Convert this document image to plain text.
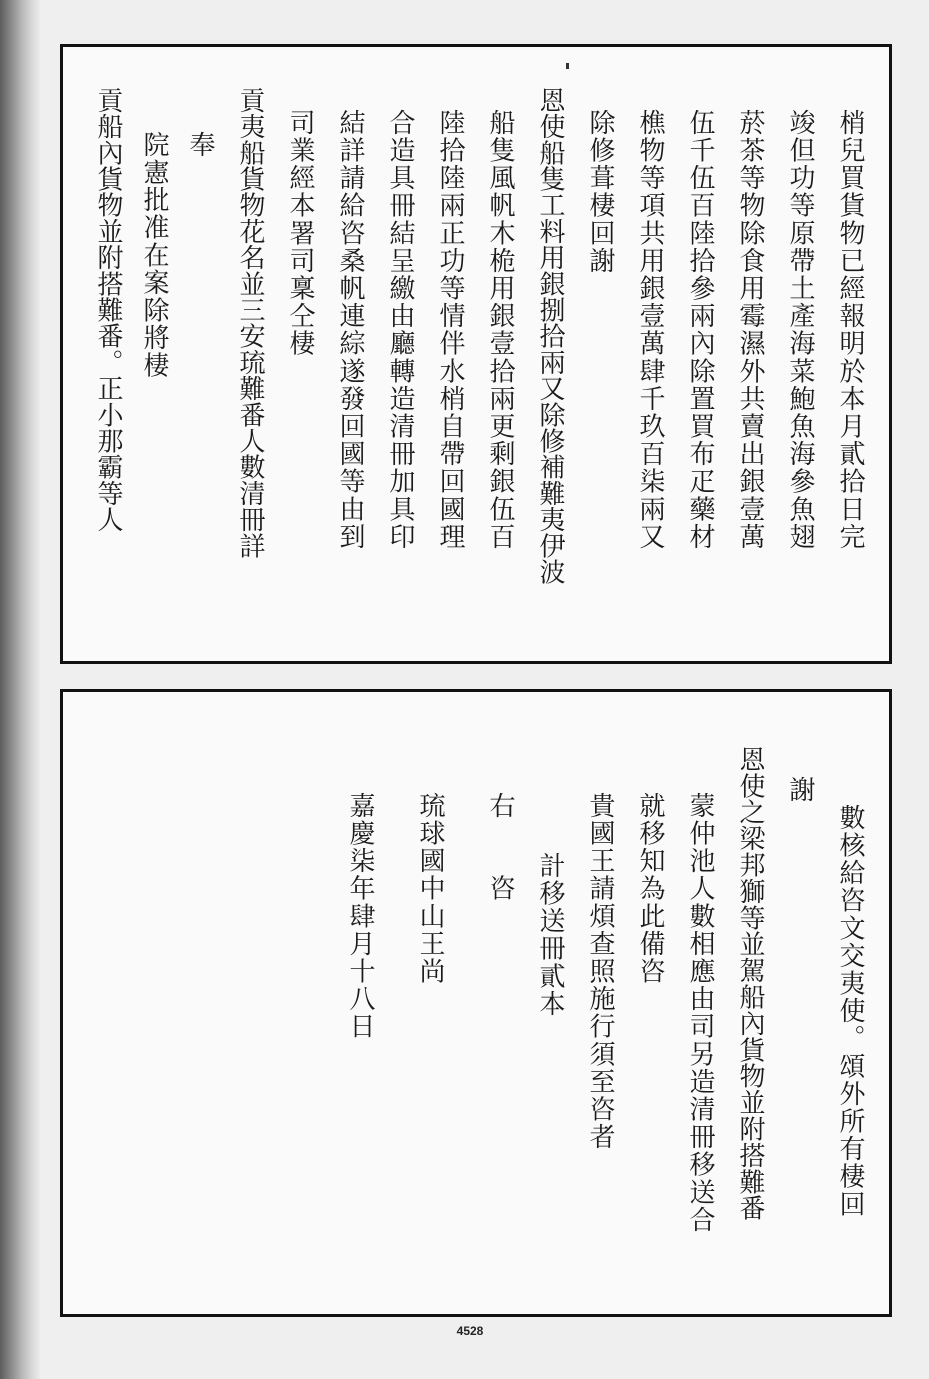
梢兒買貨物已經報明於本月貳拾日完
竣但功等原帶土產海菜鮑魚海參魚翅
菸茶等物除食用霉濕外共賣出銀壹萬
伍千伍百陸拾參兩內除置買布疋藥材
樵物等項共用銀壹萬肆千玖百柒兩又
除修葺棲回謝
恩使船隻工料用銀捌拾兩又除修補難夷伊波
船隻風帆木桅用銀壹拾兩更剩銀伍百
陸拾陸兩正功等情伴水梢自帶回國理
合造具冊結呈繳由廳轉造清冊加具印
結詳請給咨桑帆連綜遂發回國等由到
司業經本署司稟仝棲
貢夷船貨物花名並三安琉難番人數清冊詳
奉
院憲批准在案除將棲
貢船內貨物並附搭難番。正小那霸等人
數核給咨文交夷使。頌外所有棲回
謝
恩使之梁邦獅等並駕船內貨物並附搭難番
蒙仲池人數相應由司另造清冊移送合
就移知為此備咨
貴國王請煩查照施行須至咨者
計移送冊貳本
右　　咨
琉球國中山王尚
嘉慶柒年肆月十八日
4528
